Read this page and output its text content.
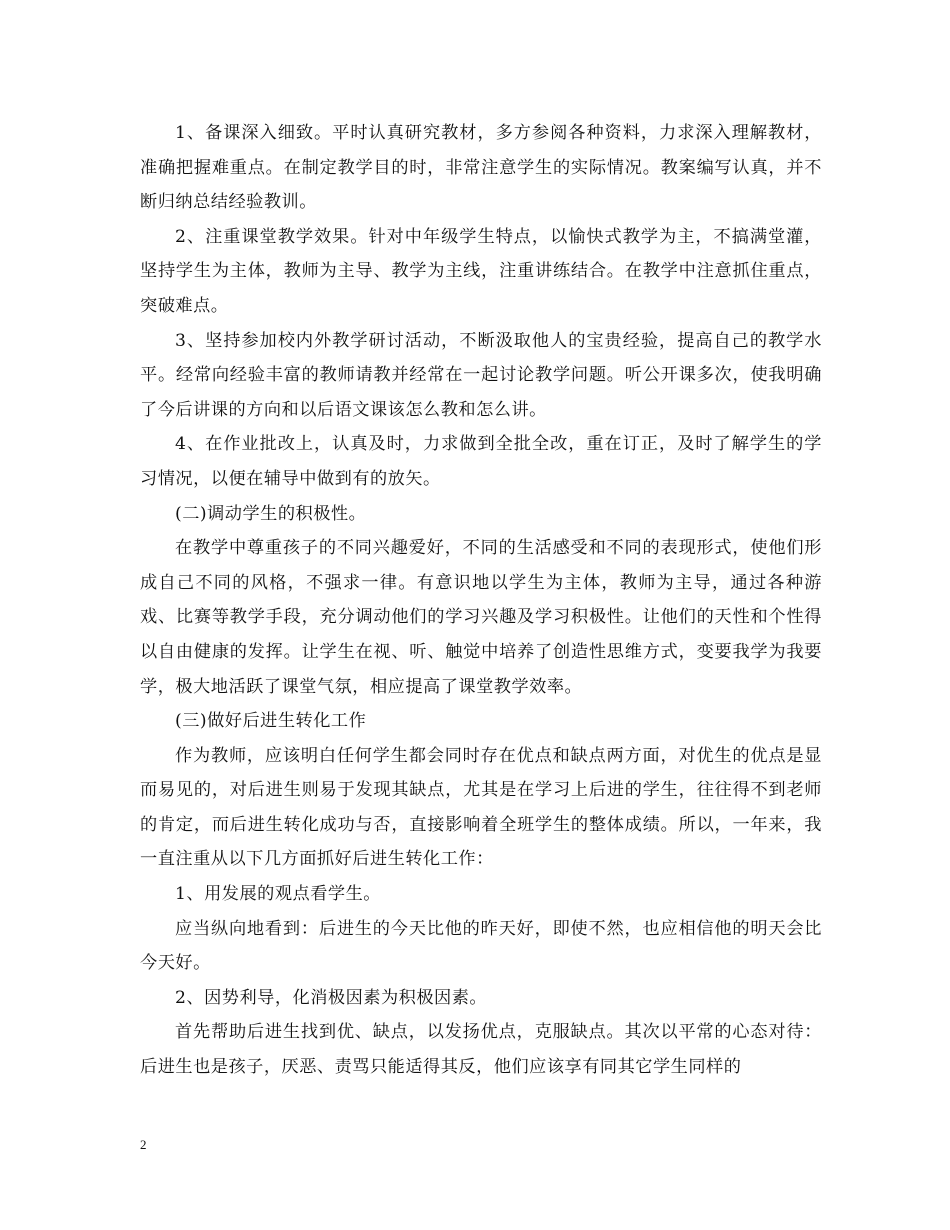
1、备课深入细致。平时认真研究教材，多方参阅各种资料，力求深入理解教材，准确把握难重点。在制定教学目的时，非常注意学生的实际情况。教案编写认真，并不断归纳总结经验教训。

2、注重课堂教学效果。针对中年级学生特点，以愉快式教学为主，不搞满堂灌，坚持学生为主体，教师为主导、教学为主线，注重讲练结合。在教学中注意抓住重点，突破难点。

3、坚持参加校内外教学研讨活动，不断汲取他人的宝贵经验，提高自己的教学水平。经常向经验丰富的教师请教并经常在一起讨论教学问题。听公开课多次，使我明确了今后讲课的方向和以后语文课该怎么教和怎么讲。

4、在作业批改上，认真及时，力求做到全批全改，重在订正，及时了解学生的学习情况，以便在辅导中做到有的放矢。

(二)调动学生的积极性。

在教学中尊重孩子的不同兴趣爱好，不同的生活感受和不同的表现形式，使他们形成自己不同的风格，不强求一律。有意识地以学生为主体，教师为主导，通过各种游戏、比赛等教学手段，充分调动他们的学习兴趣及学习积极性。让他们的天性和个性得以自由健康的发挥。让学生在视、听、触觉中培养了创造性思维方式，变要我学为我要学，极大地活跃了课堂气氛，相应提高了课堂教学效率。

(三)做好后进生转化工作

作为教师，应该明白任何学生都会同时存在优点和缺点两方面，对优生的优点是显而易见的，对后进生则易于发现其缺点，尤其是在学习上后进的学生，往往得不到老师的肯定，而后进生转化成功与否，直接影响着全班学生的整体成绩。所以，一年来，我一直注重从以下几方面抓好后进生转化工作：

1、用发展的观点看学生。

应当纵向地看到：后进生的今天比他的昨天好，即使不然，也应相信他的明天会比今天好。

2、因势利导，化消极因素为积极因素。

首先帮助后进生找到优、缺点，以发扬优点，克服缺点。其次以平常的心态对待：后进生也是孩子，厌恶、责骂只能适得其反，他们应该享有同其它学生同样的

2
